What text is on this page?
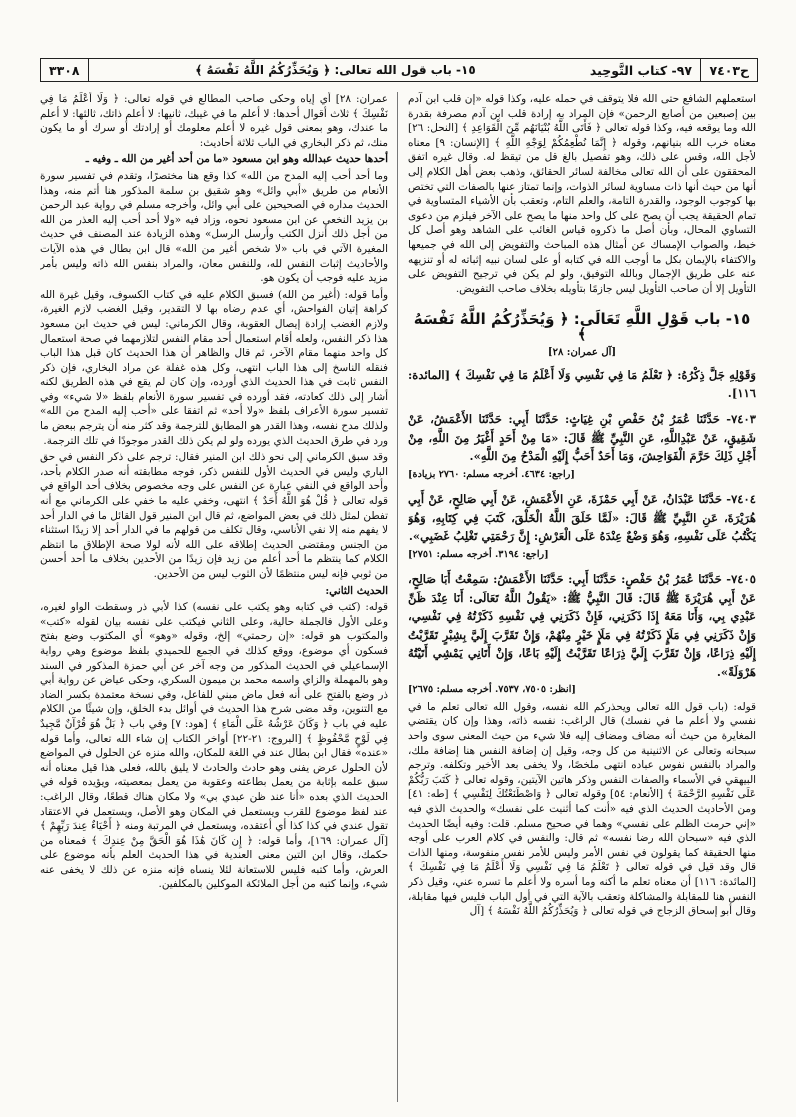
ح٧٤٠٣
٩٧- كتاب التَّوحِيد
١٥- باب قول الله تعالى: ﴿ وَيُحَذِّرُكُمُ اللَّهُ نَفْسَهُ ﴾
٣٣٠٨

استعملهم الشافع حتى الله فلا يتوقف في حمله عليه، وكذا قوله «إن قلب ابن آدم بين إصبعين من أصابع الرحمن» فإن المراد به إرادة قلب ابن آدم مصرفة بقدرة الله وما يوقعه فيه، وكذا قوله تعالى ﴿ فَأَتَى اللَّهُ بُنْيَانَهُم مِّنَ الْقَوَاعِدِ ﴾ [النحل: ٢٦] معناه خرب الله بنيانهم، وقوله ﴿ إِنَّمَا نُطْعِمُكُمْ لِوَجْهِ اللَّهِ ﴾ [الإنسان: ٩] معناه لأجل الله، وقس على ذلك، وهو تفصيل بالغ قل من تيقظ له. وقال غيره اتفق المحققون على أن الله تعالى مخالفة لسائر الحقائق، وذهب بعض أهل الكلام إلى أنها من حيث أنها ذات مساوية لسائر الذوات، وإنما تمتاز عنها بالصفات التي تختص بها كوجوب الوجود، والقدرة التامة، والعلم التام، وتعقب بأن الأشياء المتساوية في تمام الحقيقة يجب أن يصح على كل واحد منها ما يصح على الآخر فيلزم من دعوى التساوي المحال، وبأن أصل ما ذكروه قياس الغائب على الشاهد وهو أصل كل خبط، والصواب الإمساك عن أمثال هذه المباحث والتفويض إلى الله في جميعها والاكتفاء بالإيمان بكل ما أوجب الله في كتابه أو على لسان نبيه إثباته له أو تنزيهه عنه على طريق الإجمال وبالله التوفيق، ولو لم يكن في ترجيح التفويض على التأويل إلا أن صاحب التأويل ليس جازمًا بتأويله بخلاف صاحب التفويض.

١٥- باب قَوْلِ اللَّهِ تَعَالَى: ﴿ وَيُحَذِّرُكُمُ اللَّهُ نَفْسَهُ ﴾
[آل عمران: ٢٨]

وَقَوْلِهِ جَلَّ ذِكْرُهُ: ﴿ تَعْلَمُ مَا فِي نَفْسِي وَلَا أَعْلَمُ مَا فِي نَفْسِكَ ﴾ [المائدة: ١١٦].

٧٤٠٣- حَدَّثَنَا عُمَرُ بْنُ حَفْصِ بْنِ غِيَاثٍ: حَدَّثَنَا أَبِي: حَدَّثَنَا الأَعْمَشُ، عَنْ شَقِيقٍ، عَنْ عَبْدِاللَّهِ، عَنِ النَّبِيِّ ﷺ قَالَ: «مَا مِنْ أَحَدٍ أَغْيَرُ مِنَ اللَّهِ، مِنْ أَجْلِ ذَلِكَ حَرَّمَ الْفَوَاحِشَ، وَمَا أَحَدٌ أَحَبُّ إِلَيْهِ الْمَدْحُ مِنَ اللَّهِ».

[راجع: ٤٦٣٤. أخرجه مسلم: ٢٧٦٠ بزيادة]

٧٤٠٤- حَدَّثَنَا عَبْدَانُ، عَنْ أَبِي حَمْزَةَ، عَنِ الأَعْمَشِ، عَنْ أَبِي صَالِحٍ، عَنْ أَبِي هُرَيْرَةَ، عَنِ النَّبِيِّ ﷺ قَالَ: «لَمَّا خَلَقَ اللَّهُ الْخَلْقَ، كَتَبَ فِي كِتَابِهِ، وَهُوَ يَكْتُبُ عَلَى نَفْسِهِ، وَهُوَ وَضْعٌ عِنْدَهُ عَلَى الْعَرْشِ: إِنَّ رَحْمَتِي تَغْلِبُ غَضَبِي».

[راجع: ٣١٩٤. أخرجه مسلم: ٢٧٥١]

٧٤٠٥- حَدَّثَنَا عُمَرُ بْنُ حَفْصٍ: حَدَّثَنَا أَبِي: حَدَّثَنَا الأَعْمَشُ: سَمِعْتُ أَبَا صَالِحٍ، عَنْ أَبِي هُرَيْرَةَ ﷺ قَالَ: قَالَ النَّبِيُّ ﷺ: «يَقُولُ اللَّهُ تَعَالَى: أَنَا عِنْدَ ظَنِّ عَبْدِي بِي، وَأَنَا مَعَهُ إِذَا ذَكَرَنِي، فَإِنْ ذَكَرَنِي فِي نَفْسِهِ ذَكَرْتُهُ فِي نَفْسِي، وَإِنْ ذَكَرَنِي فِي مَلَإٍ ذَكَرْتُهُ فِي مَلَإٍ خَيْرٍ مِنْهُمْ، وَإِنْ تَقَرَّبَ إِلَيَّ بِشِبْرٍ تَقَرَّبْتُ إِلَيْهِ ذِرَاعًا، وَإِنْ تَقَرَّبَ إِلَيَّ ذِرَاعًا تَقَرَّبْتُ إِلَيْهِ بَاعًا، وَإِنْ أَتَانِي يَمْشِي أَتَيْتُهُ هَرْوَلَةً».

[انظر: ٧٥٠٥، ٧٥٣٧. أخرجه مسلم: ٢٦٧٥]

قوله: (باب قول الله تعالى ويحذركم الله نفسه، وقول الله تعالى تعلم ما في نفسي ولا أعلم ما في نفسك) قال الراغب: نفسه ذاته، وهذا وإن كان يقتضي المغايرة من حيث أنه مضاف ومضاف إليه فلا شيء من حيث المعنى سوى واحد سبحانه وتعالى عن الاثنينية من كل وجه، وقيل إن إضافة النفس هنا إضافة ملك، والمراد بالنفس نفوس عباده انتهى ملخصًا، ولا يخفى بعد الأخير وتكلفه. وترجم البيهقي في الأسماء والصفات النفس وذكر هاتين الآيتين، وقوله تعالى ﴿ كَتَبَ رَبُّكُمْ عَلَى نَفْسِهِ الرَّحْمَةَ ﴾ [الأنعام: ٥٤] وقوله تعالى ﴿ وَاصْطَنَعْتُكَ لِنَفْسِي ﴾ [طه: ٤١] ومن الأحاديث الحديث الذي فيه «أنت كما أثنيت على نفسك» والحديث الذي فيه «إني حرمت الظلم على نفسي» وهما في صحيح مسلم. قلت: وفيه أيضًا الحديث الذي فيه «سبحان الله رضا نفسه» ثم قال: والنفس في كلام العرب على أوجه منها الحقيقة كما يقولون في نفس الأمر وليس للأمر نفس منفوسة، ومنها الذات قال وقد قيل في قوله تعالى ﴿ تَعْلَمُ مَا فِي نَفْسِي وَلَا أَعْلَمُ مَا فِي نَفْسِكَ ﴾ [المائدة: ١١٦] أن معناه تعلم ما أكنه وما أسره ولا أعلم ما تسره عني، وقيل ذكر النفس هنا للمقابلة والمشاكلة وتعقب بالآية التي في أول الباب فليس فيها مقابلة، وقال أبو إسحاق الزجاج في قوله تعالى ﴿ وَيُحَذِّرُكُمُ اللَّهُ نَفْسَهُ ﴾ [آل

عمران: ٢٨] أي إياه وحكى صاحب المطالع في قوله تعالى: ﴿ وَلَا أَعْلَمُ مَا فِي نَفْسِكَ ﴾ ثلاث أقوال أحدها: لا أعلم ما في غيبك، ثانيها: لا أعلم ذاتك، ثالثها: لا أعلم ما عندك، وهو بمعنى قول غيره لا أعلم معلومك أو إرادتك أو سرك أو ما يكون منك، ثم ذكر البخاري في الباب ثلاثة أحاديث:

أحدها حديث عبدالله وهو ابن مسعود «ما من أحد أغير من الله ـ وفيه ـ

وما أحد أحب إليه المدح من الله» كذا وقع هنا مختصرًا، وتقدم في تفسير سورة الأنعام من طريق «أبي وائل» وهو شقيق بن سلمة المذكور هنا أتم منه، وهذا الحديث مداره في الصحيحين على أبي وائل، وأخرجه مسلم في رواية عبد الرحمن بن يزيد النخعي عن ابن مسعود نحوه، وزاد فيه «ولا أحد أحب إليه العذر من الله من أجل ذلك أنزل الكتب وأرسل الرسل» وهذه الزيادة عند المصنف في حديث المغيرة الآتي في باب «لا شخص أغير من الله» قال ابن بطال في هذه الآيات والأحاديث إثبات النفس لله، وللنفس معان، والمراد بنفس الله ذاته وليس بأمر مزيد عليه فوجب أن يكون هو.

وأما قوله: (أغير من الله) فسبق الكلام عليه في كتاب الكسوف، وقيل غيرة الله كراهة إتيان الفواحش، أي عدم رضاه بها لا التقدير، وقيل الغضب لازم الغيرة، ولازم الغضب إرادة إيصال العقوبة، وقال الكرماني: ليس في حديث ابن مسعود هذا ذكر النفس، ولعله أقام استعمال أحد مقام النفس لتلازمهما في صحة استعمال كل واحد منهما مقام الآخر، ثم قال والظاهر أن هذا الحديث كان قبل هذا الباب فنقله الناسخ إلى هذا الباب انتهى، وكل هذه غفلة عن مراد البخاري، فإن ذكر النفس ثابت في هذا الحديث الذي أورده، وإن كان لم يقع في هذه الطريق لكنه أشار إلى ذلك كعادته، فقد أورده في تفسير سورة الأنعام بلفظ «لا شيء» وفي تفسير سورة الأعراف بلفظ «ولا أحد» ثم اتفقا على «أحب إليه المدح من الله» ولذلك مدح نفسه، وهذا القدر هو المطابق للترجمة وقد كثر منه أن يترجم ببعض ما ورد في طرق الحديث الذي يورده ولو لم يكن ذلك القدر موجودًا في تلك الترجمة.

وقد سبق الكرماني إلى نحو ذلك ابن المنير فقال: ترجم على ذكر النفس في حق الباري وليس في الحديث الأول للنفس ذكر، فوجه مطابقته أنه صدر الكلام بأحد، وأحد الواقع في النفي عبارة عن النفس على وجه مخصوص بخلاف أحد الواقع في قوله تعالى ﴿ قُلْ هُوَ اللَّهُ أَحَدٌ ﴾ انتهى، وخفي عليه ما خفي على الكرماني مع أنه تفطن لمثل ذلك في بعض المواضع، ثم قال ابن المنير قول القائل ما في الدار أحد لا يفهم منه إلا نفي الأناسي، وقال تكلف من قولهم ما في الدار أحد إلا زيدًا استثناء من الجنس ومقتضى الحديث إطلاقه على الله لأنه لولا صحة الإطلاق ما انتظم الكلام كما ينتظم ما أحد أعلم من زيد فإن زيدًا من الأحدين بخلاف ما أحد أحسن من ثوبي فإنه ليس منتظمًا لأن الثوب ليس من الأحدين.

الحديث الثاني:

قوله: (كتب في كتابه وهو يكتب على نفسه) كذا لأبي ذر وسقطت الواو لغيره، وعلى الأول فالجملة حالية، وعلى الثاني فيكتب على نفسه بيان لقوله «كتب» والمكتوب هو قوله: «إن رحمتي» إلخ، وقوله «وهو» أي المكتوب وضع بفتح فسكون أي موضوع، ووقع كذلك في الجمع للحميدي بلفظ موضوع وهي رواية الإسماعيلي في الحديث المذكور من وجه آخر عن أبي حمزة المذكور في السند وهو بالمهملة والزاي واسمه محمد بن ميمون السكري، وحكى عياض عن رواية أبي ذر وضع بالفتح على أنه فعل ماض مبني للفاعل، وفي نسخة معتمدة بكسر الضاد مع التنوين، وقد مضى شرح هذا الحديث في أوائل بدء الخلق، وإن شيئًا من الكلام عليه في باب ﴿ وَكَانَ عَرْشُهُ عَلَى الْمَاءِ ﴾ [هود: ٧] وفي باب ﴿ بَلْ هُوَ قُرْآنٌ مَّجِيدٌ فِي لَوْحٍ مَّحْفُوظٍ ﴾ [البروج: ٢١-٢٢] أواخر الكتاب إن شاء الله تعالى، وأما قوله «عنده» فقال ابن بطال عند في اللغة للمكان، والله منزه عن الحلول في المواضع لأن الحلول عرض يفنى وهو حادث والحادث لا يليق بالله، فعلى هذا قيل معناه أنه سبق علمه بإثابة من يعمل بطاعته وعقوبة من يعمل بمعصيته، ويؤيده قوله في الحديث الذي بعده «أنا عند ظن عبدي بي» ولا مكان هناك قطعًا، وقال الراغب: عند لفظ موضوع للقرب ويستعمل في المكان وهو الأصل، ويستعمل في الاعتقاد تقول عندي في كذا كذا أي أعتقده، ويستعمل في المرتبة ومنه ﴿ أَحْيَاءٌ عِندَ رَبِّهِمْ ﴾ [آل عمران: ١٦٩]، وأما قوله: ﴿ إِن كَانَ هَٰذَا هُوَ الْحَقَّ مِنْ عِندِكَ ﴾ فمعناه من حكمك، وقال ابن التين معنى العندية في هذا الحديث العلم بأنه موضوع على العرش، وأما كتبه فليس للاستعانة لئلا ينساه فإنه منزه عن ذلك لا يخفى عنه شيء، وإنما كتبه من أجل الملائكة الموكلين بالمكلفين.
